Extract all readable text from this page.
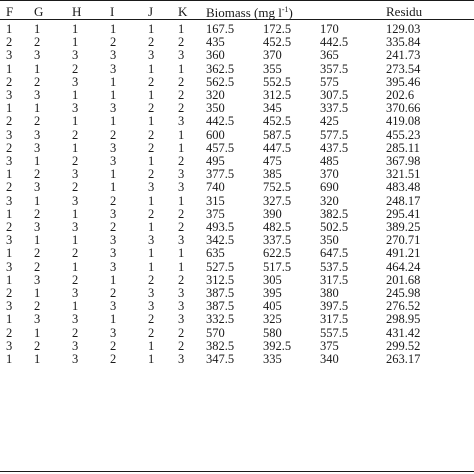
F	G	H	I	J	K	Biomass (mg $l^{-1}$)			Residu
1	1	1	1	1	1	167.5	172.5	170	129.03
2	2	1	2	2	2	435	452.5	442.5	335.84
3	3	3	3	3	3	360	370	365	241.73
1	1	2	3	1	1	362.5	355	357.5	273.54
2	2	3	1	2	2	562.5	552.5	575	395.46
3	3	1	1	1	2	320	312.5	307.5	202.6
1	1	3	3	2	2	350	345	337.5	370.66
2	2	1	1	1	3	442.5	452.5	425	419.08
3	3	2	2	2	1	600	587.5	577.5	455.23
2	3	1	3	2	1	457.5	447.5	437.5	285.11
3	1	2	3	1	2	495	475	485	367.98
1	2	3	1	2	3	377.5	385	370	321.51
2	3	2	1	3	3	740	752.5	690	483.48
3	1	3	2	1	1	315	327.5	320	248.17
1	2	1	3	2	2	375	390	382.5	295.41
2	3	3	2	1	2	493.5	482.5	502.5	389.25
3	1	1	3	3	3	342.5	337.5	350	270.71
1	2	2	3	1	1	635	622.5	647.5	491.21
3	2	1	3	1	1	527.5	517.5	537.5	464.24
1	3	2	1	2	2	312.5	305	317.5	201.68
2	1	3	2	3	3	387.5	395	380	245.98
3	2	1	3	3	3	387.5	405	397.5	276.52
1	3	3	1	2	3	332.5	325	317.5	298.95
2	1	2	3	2	2	570	580	557.5	431.42
3	2	3	2	1	2	382.5	392.5	375	299.52
1	1	3	2	1	3	347.5	335	340	263.17
